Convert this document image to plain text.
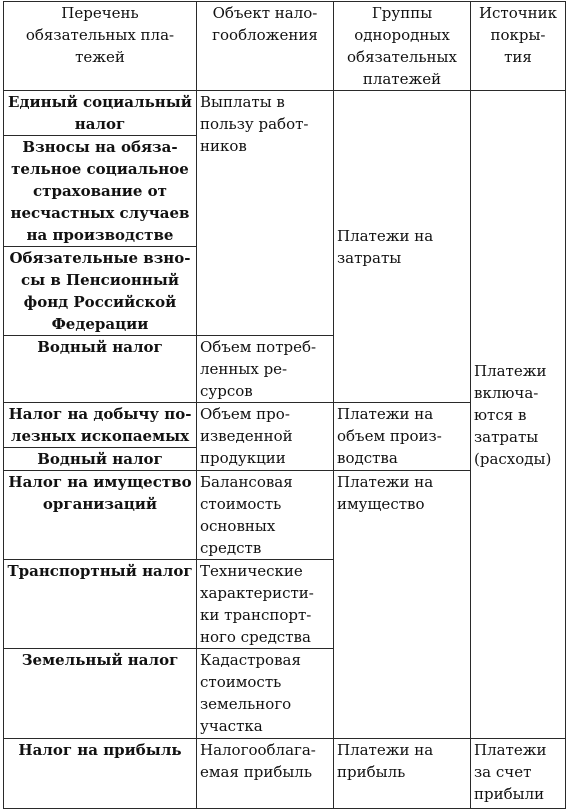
Перечень обязательных пла-
тежей	Объект нало-
гообложения	Группы однородных обязательных платежей	Источник покры-
тия
Единый социальный налог	Выплаты в пользу работ-
ников	Платежи на затраты	Платежи включа-
ются в затраты (расходы)
Взносы на обяза-
тельное социальное страхование от несчастных случаев на производстве			
Обязательные взно-
сы в Пенсионный фонд Российской Федерации			
Водный налог	Объем потреб-
ленных ре-
сурсов		
Налог на добычу по-
лезных ископаемых	Объем про-
изведенной продукции	Платежи на объем произ-
водства	
Водный налог			
Налог на имущество организаций	Балансовая стоимость основных средств	Платежи на имущество	
Транспортный налог	Технические характеристи-
ки транспорт-
ного средства		
Земельный налог	Кадастровая стоимость земельного участка		
Налог на прибыль	Налогооблага-
емая прибыль	Платежи на прибыль	Платежи за счет прибыли
